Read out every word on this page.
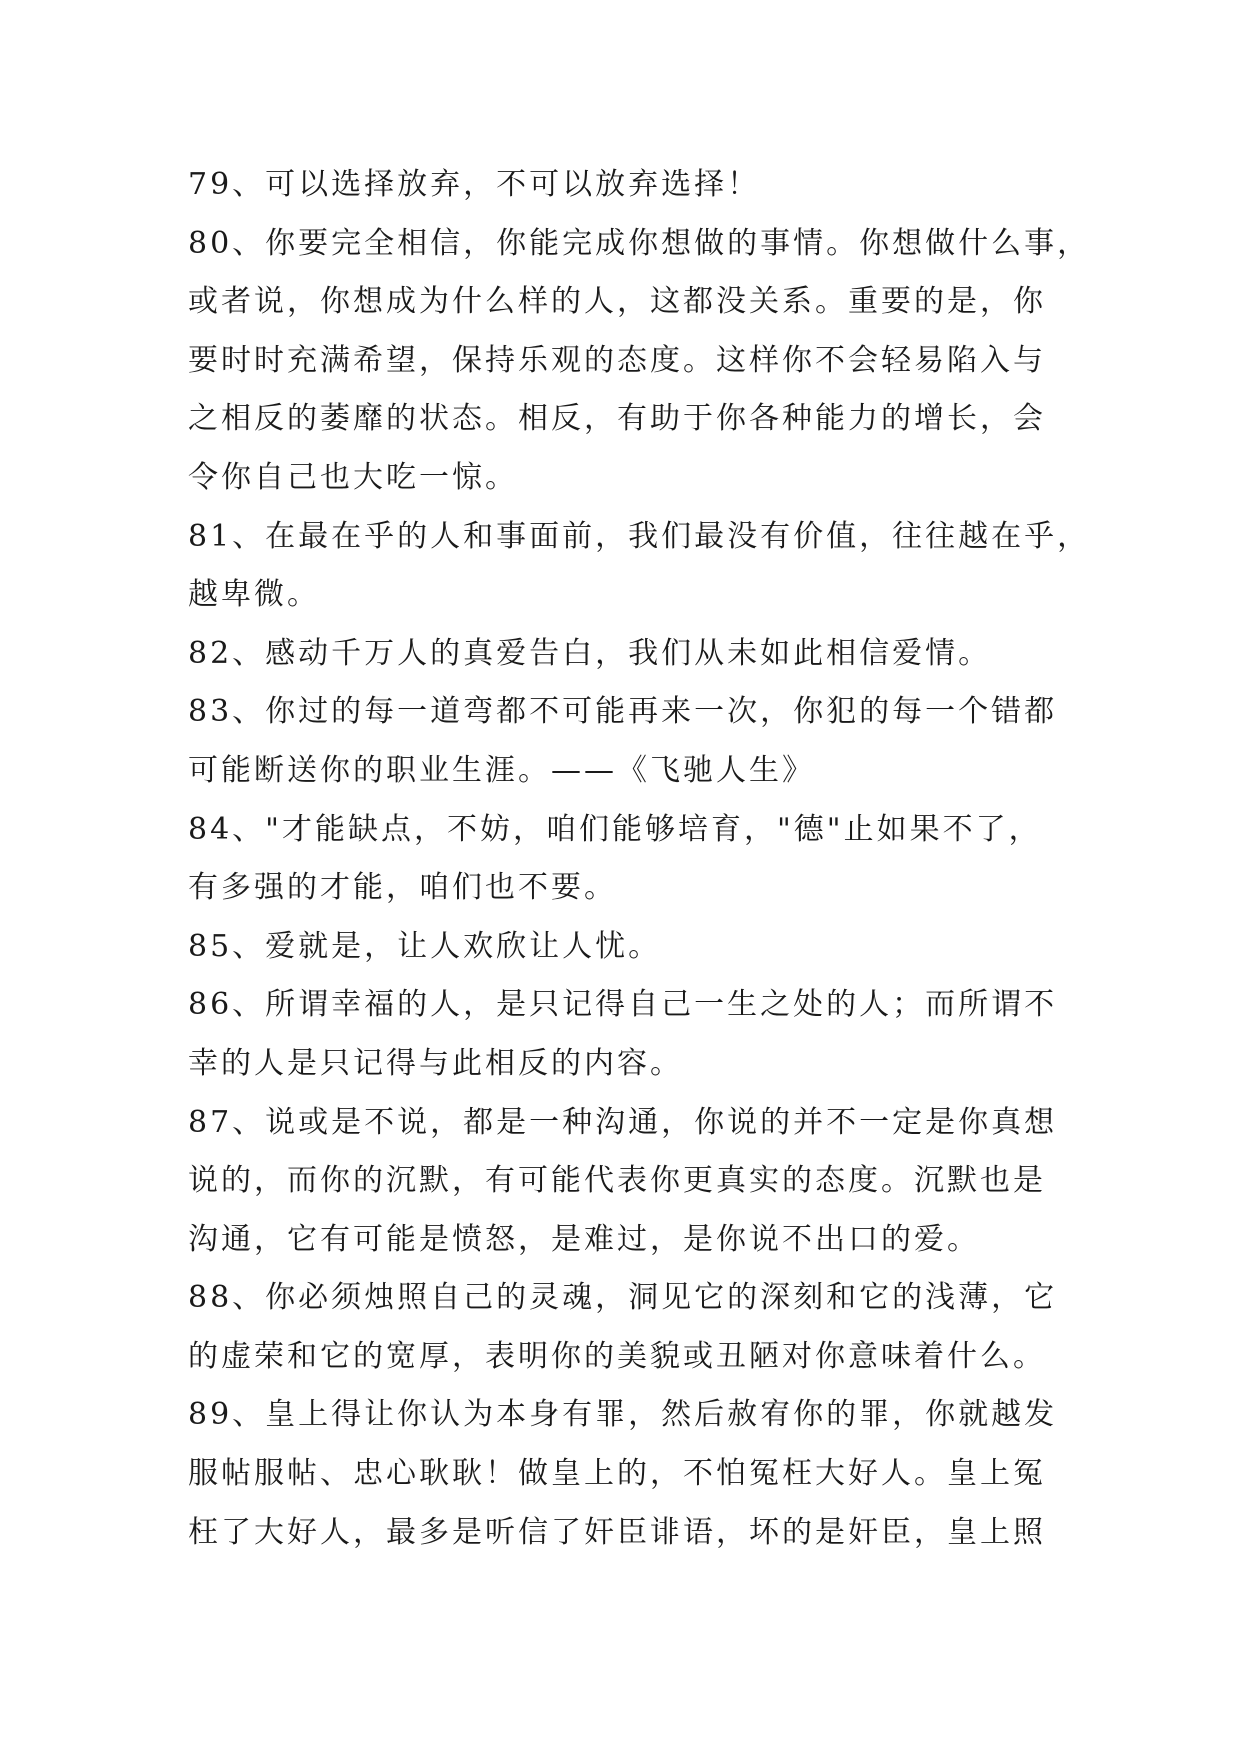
79、可以选择放弃，不可以放弃选择！
80、你要完全相信，你能完成你想做的事情。你想做什么事，
或者说，你想成为什么样的人，这都没关系。重要的是，你
要时时充满希望，保持乐观的态度。这样你不会轻易陷入与
之相反的萎靡的状态。相反，有助于你各种能力的增长，会
令你自己也大吃一惊。
81、在最在乎的人和事面前，我们最没有价值，往往越在乎，
越卑微。
82、感动千万人的真爱告白，我们从未如此相信爱情。
83、你过的每一道弯都不可能再来一次，你犯的每一个错都
可能断送你的职业生涯。——《飞驰人生》
84、"才能缺点，不妨，咱们能够培育，"德"止如果不了，
有多强的才能，咱们也不要。
85、爱就是，让人欢欣让人忧。
86、所谓幸福的人，是只记得自己一生之处的人；而所谓不
幸的人是只记得与此相反的内容。
87、说或是不说，都是一种沟通，你说的并不一定是你真想
说的，而你的沉默，有可能代表你更真实的态度。沉默也是
沟通，它有可能是愤怒，是难过，是你说不出口的爱。
88、你必须烛照自己的灵魂，洞见它的深刻和它的浅薄，它
的虚荣和它的宽厚，表明你的美貌或丑陋对你意味着什么。
89、皇上得让你认为本身有罪，然后赦宥你的罪，你就越发
服帖服帖、忠心耿耿！做皇上的，不怕冤枉大好人。皇上冤
枉了大好人，最多是听信了奸臣诽语，坏的是奸臣，皇上照
